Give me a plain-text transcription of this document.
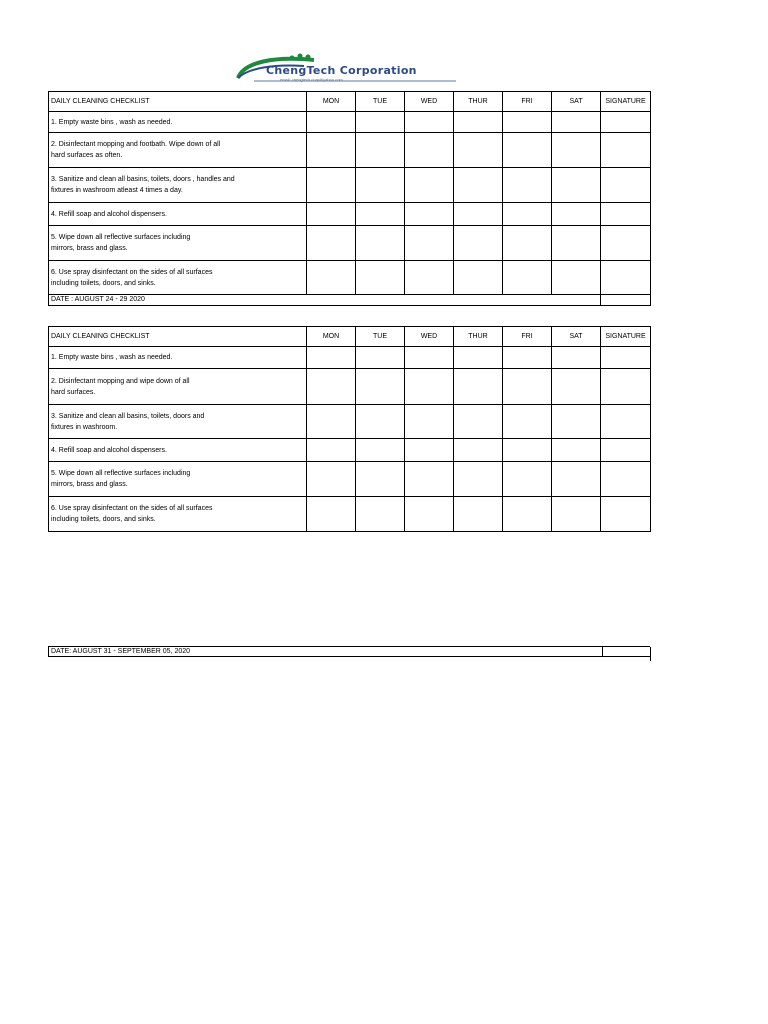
ChengTech Corporation
email: chengtech.corp@yahoo.com
DAILY CLEANING CHECKLIST	MON	TUE	WED	THUR	FRI	SAT	SIGNATURE

1. Empty waste bins , wash as needed.							

2. Disinfectant mopping and footbath. Wipe down of all
hard surfaces as often.							

3. Sanitize and clean all basins, toilets, doors , handles and
fixtures in washroom atleast 4 times a day.							

4. Refill soap and alcohol dispensers.							

5. Wipe down all reflective surfaces including
mirrors, brass and glass.							

6. Use spray disinfectant on the sides of all surfaces
including toilets, doors, and sinks.							

DATE : AUGUST 24 - 29 2020							
DAILY CLEANING CHECKLIST	MON	TUE	WED	THUR	FRI	SAT	SIGNATURE

1. Empty waste bins , wash as needed.							

2. Disinfectant mopping and wipe down of all
hard surfaces.							

3. Sanitize and clean all basins, toilets, doors and
fixtures in washroom.							

4. Refill soap and alcohol dispensers.							

5. Wipe down all reflective surfaces including
mirrors, brass and glass.							

6. Use spray disinfectant on the sides of all surfaces
including toilets, doors, and sinks.							

DATE: AUGUST 31 - SEPTEMBER 05, 2020
